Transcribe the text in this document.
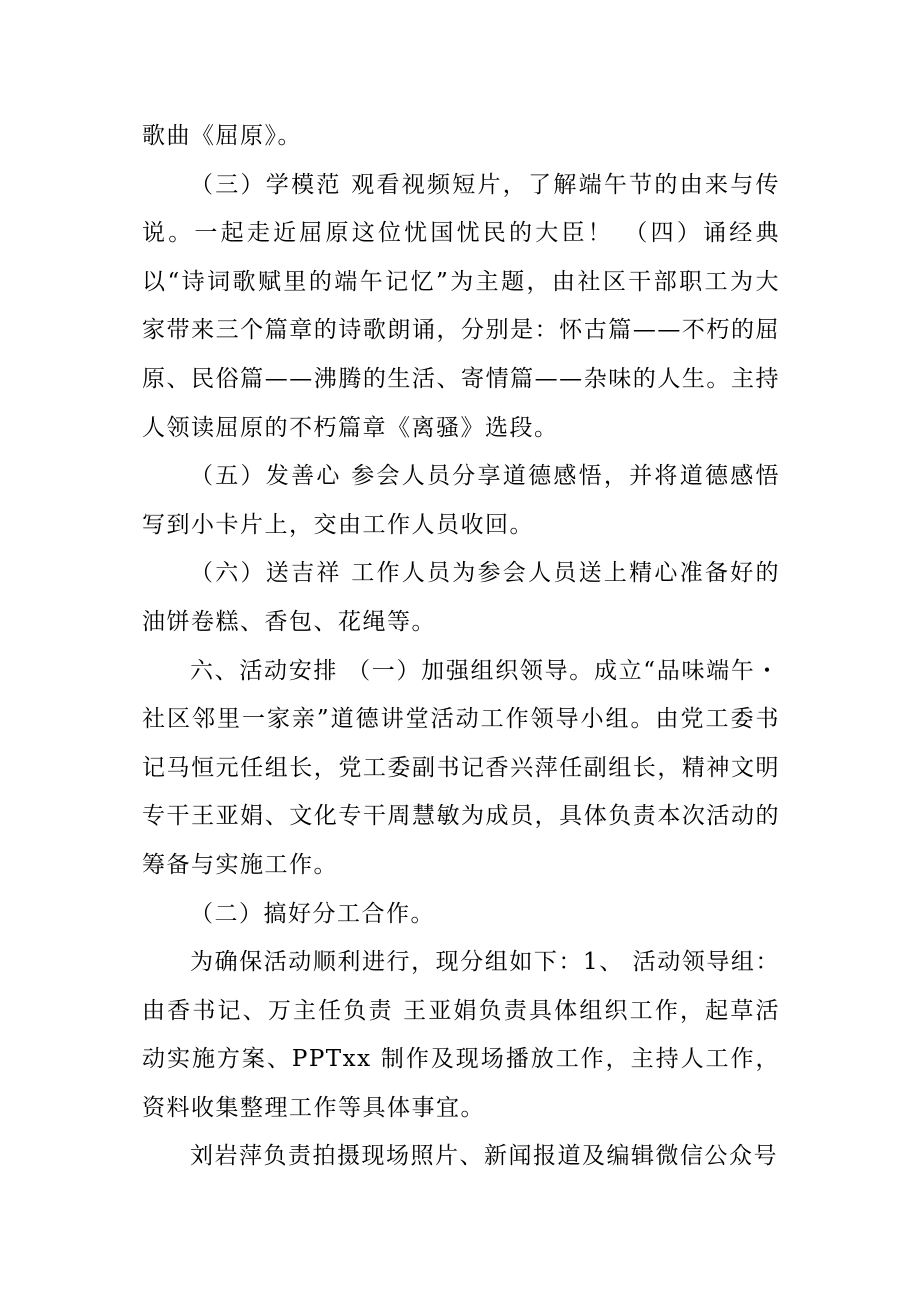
歌曲《屈原》。

（三）学模范 观看视频短片，了解端午节的由来与传说。一起走近屈原这位忧国忧民的大臣！ （四）诵经典 以“诗词歌赋里的端午记忆”为主题，由社区干部职工为大家带来三个篇章的诗歌朗诵，分别是：怀古篇——不朽的屈原、民俗篇——沸腾的生活、寄情篇——杂味的人生。主持人领读屈原的不朽篇章《离骚》选段。

（五）发善心 参会人员分享道德感悟，并将道德感悟写到小卡片上，交由工作人员收回。

（六）送吉祥 工作人员为参会人员送上精心准备好的油饼卷糕、香包、花绳等。

六、活动安排 （一）加强组织领导。成立“品味端午・社区邻里一家亲”道德讲堂活动工作领导小组。由党工委书记马恒元任组长，党工委副书记香兴萍任副组长，精神文明专干王亚娟、文化专干周慧敏为成员，具体负责本次活动的筹备与实施工作。

（二）搞好分工合作。

为确保活动顺利进行，现分组如下：1、 活动领导组：由香书记、万主任负责 王亚娟负责具体组织工作，起草活动实施方案、PPTxx 制作及现场播放工作，主持人工作，资料收集整理工作等具体事宜。

刘岩萍负责拍摄现场照片、新闻报道及编辑微信公众号
